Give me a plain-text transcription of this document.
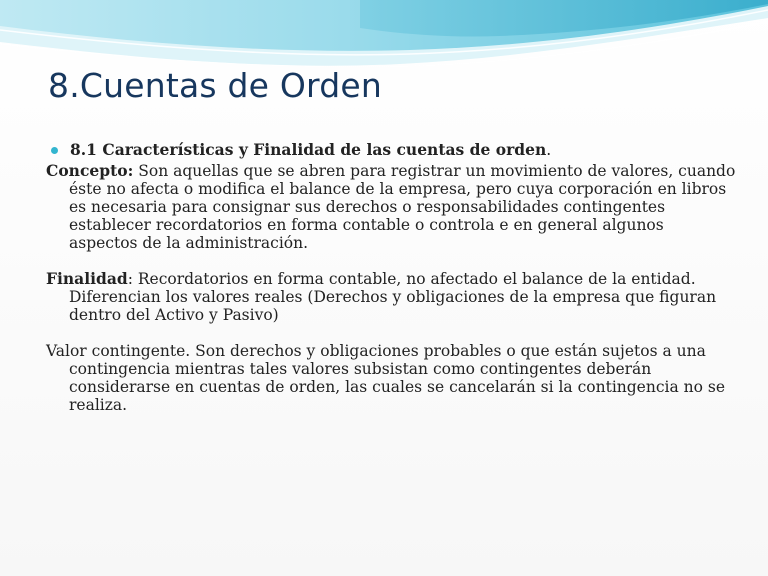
8.Cuentas de Orden
8.1 Características y Finalidad de las cuentas de orden.

Concepto: Son aquellas que se abren para registrar un movimiento de valores, cuando éste no afecta o modifica el balance de la empresa, pero cuya corporación en libros es necesaria para consignar sus derechos o responsabilidades contingentes establecer recordatorios en forma contable o controla e en general algunos aspectos de la administración.

Finalidad: Recordatorios en forma contable, no afectado el balance de la entidad. Diferencian los valores reales (Derechos y obligaciones de la empresa que figuran dentro del Activo y Pasivo)

Valor contingente. Son derechos y obligaciones probables o que están sujetos a una contingencia mientras tales valores subsistan como contingentes deberán considerarse en cuentas de orden, las cuales se cancelarán si la contingencia no se realiza.
